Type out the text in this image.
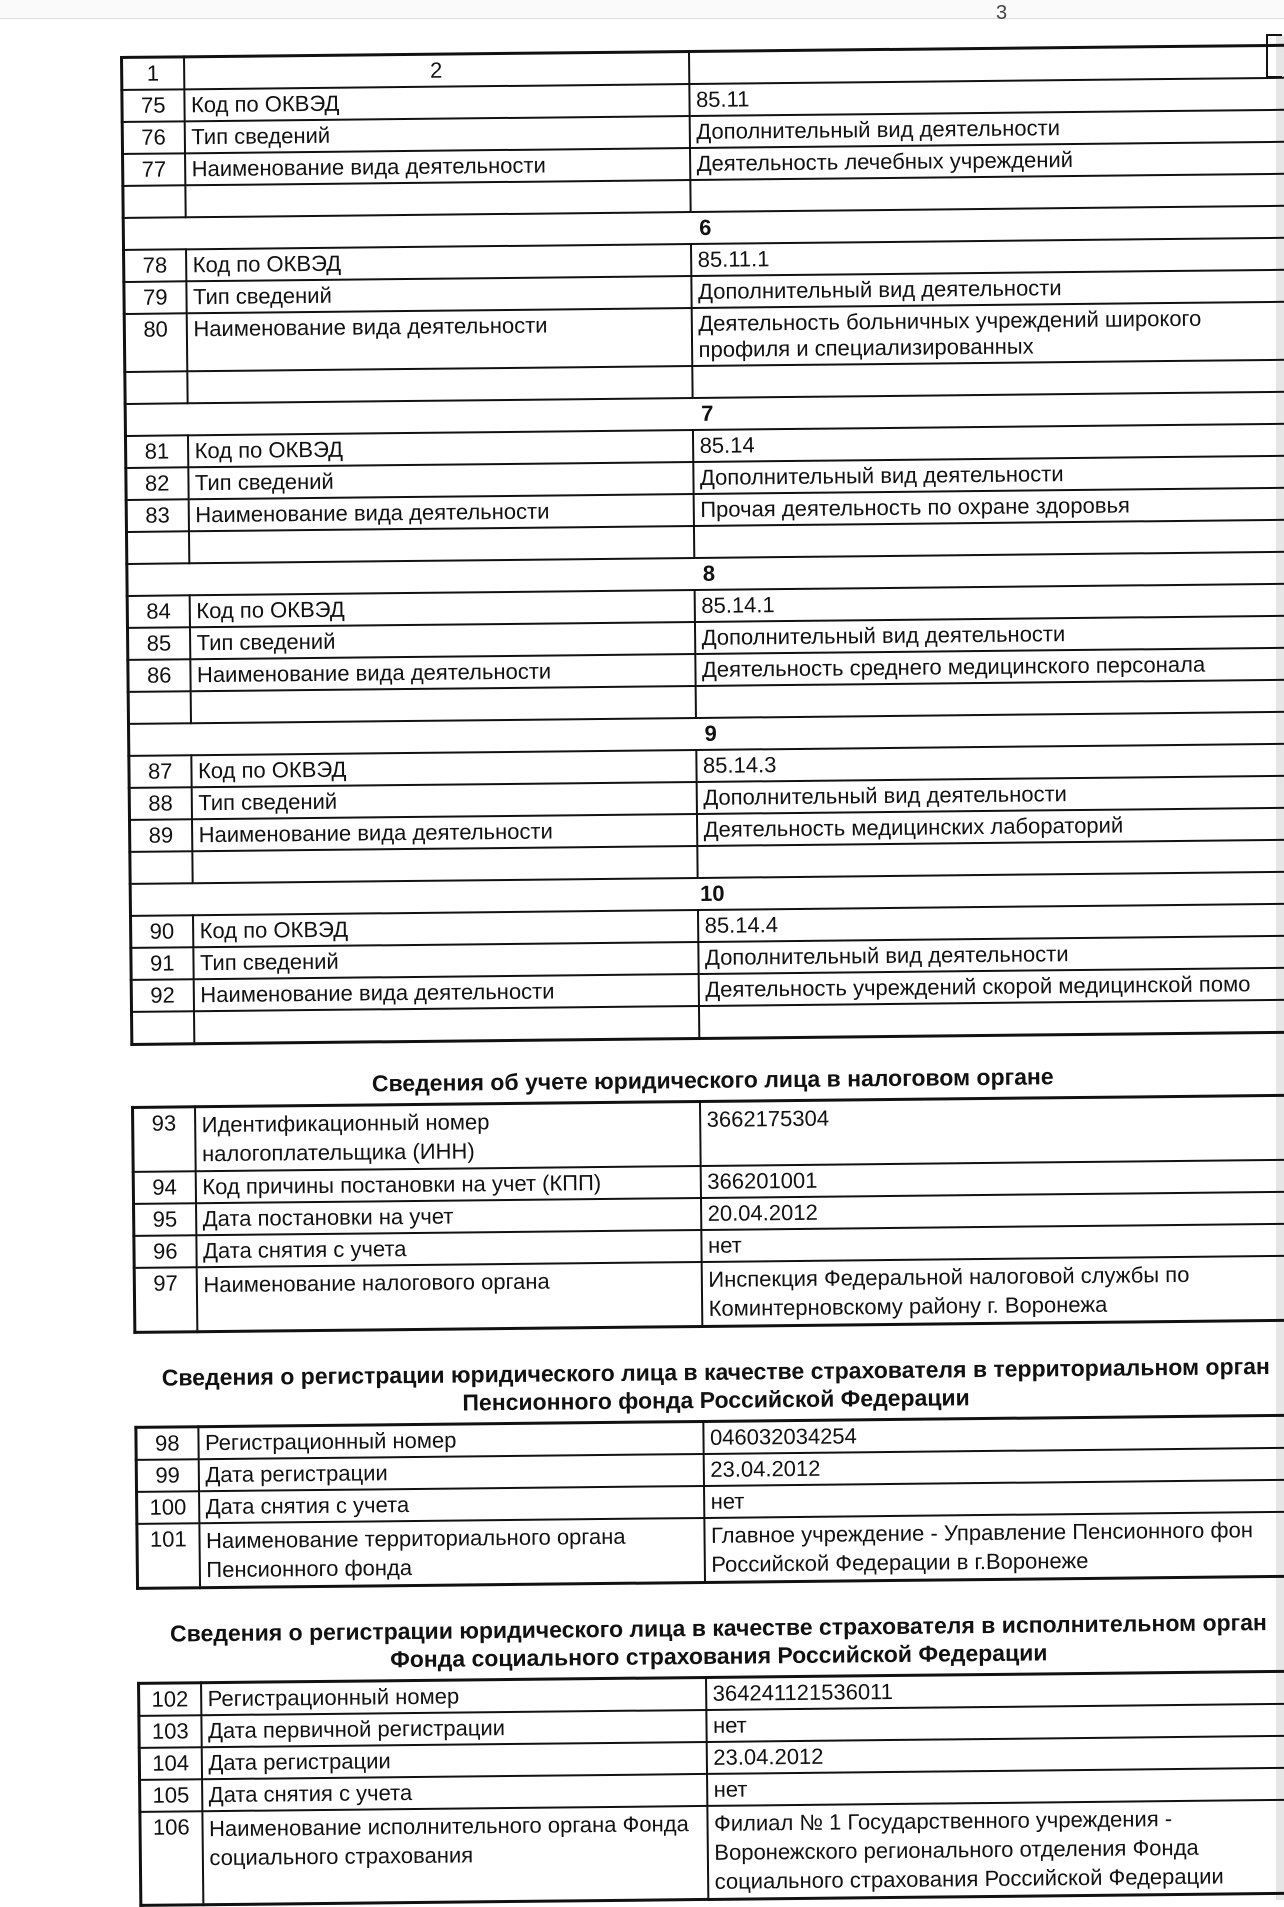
3
1	2	
75	Код по ОКВЭД	85.11
76	Тип сведений	Дополнительный вид деятельности
77	Наименование вида деятельности	Деятельность лечебных учреждений

6		
78	Код по ОКВЭД	85.11.1
79	Тип сведений	Дополнительный вид деятельности
80	Наименование вида деятельности	Деятельность больничных учреждений широкого профиля и специализированных

7		
81	Код по ОКВЭД	85.14
82	Тип сведений	Дополнительный вид деятельности
83	Наименование вида деятельности	Прочая деятельность по охране здоровья

8		
84	Код по ОКВЭД	85.14.1
85	Тип сведений	Дополнительный вид деятельности
86	Наименование вида деятельности	Деятельность среднего медицинского персонала

9		
87	Код по ОКВЭД	85.14.3
88	Тип сведений	Дополнительный вид деятельности
89	Наименование вида деятельности	Деятельность медицинских лабораторий

10		
90	Код по ОКВЭД	85.14.4
91	Тип сведений	Дополнительный вид деятельности
92	Наименование вида деятельности	Деятельность учреждений скорой медицинской помо

Сведения об учете юридического лица в налоговом органе
93	Идентификационный номер налогоплательщика (ИНН)	3662175304
94	Код причины постановки на учет (КПП)	366201001
95	Дата постановки на учет	20.04.2012
96	Дата снятия с учета	нет
97	Наименование налогового органа	Инспекция Федеральной налоговой службы по Коминтерновскому району г. Воронежа
Сведения о регистрации юридического лица в качестве страхователя в территориальном орган
Пенсионного фонда Российской Федерации
98	Регистрационный номер	046032034254
99	Дата регистрации	23.04.2012
100	Дата снятия с учета	нет
101	Наименование территориального органа Пенсионного фонда	Главное учреждение - Управление Пенсионного фон Российской Федерации в г.Воронеже
Сведения о регистрации юридического лица в качестве страхователя в исполнительном орган
Фонда социального страхования Российской Федерации
102	Регистрационный номер	364241121536011
103	Дата первичной регистрации	нет
104	Дата регистрации	23.04.2012
105	Дата снятия с учета	нет
106	Наименование исполнительного органа Фонда социального страхования	Филиал № 1 Государственного учреждения - Воронежского регионального отделения Фонда социального страхования Российской Федерации
